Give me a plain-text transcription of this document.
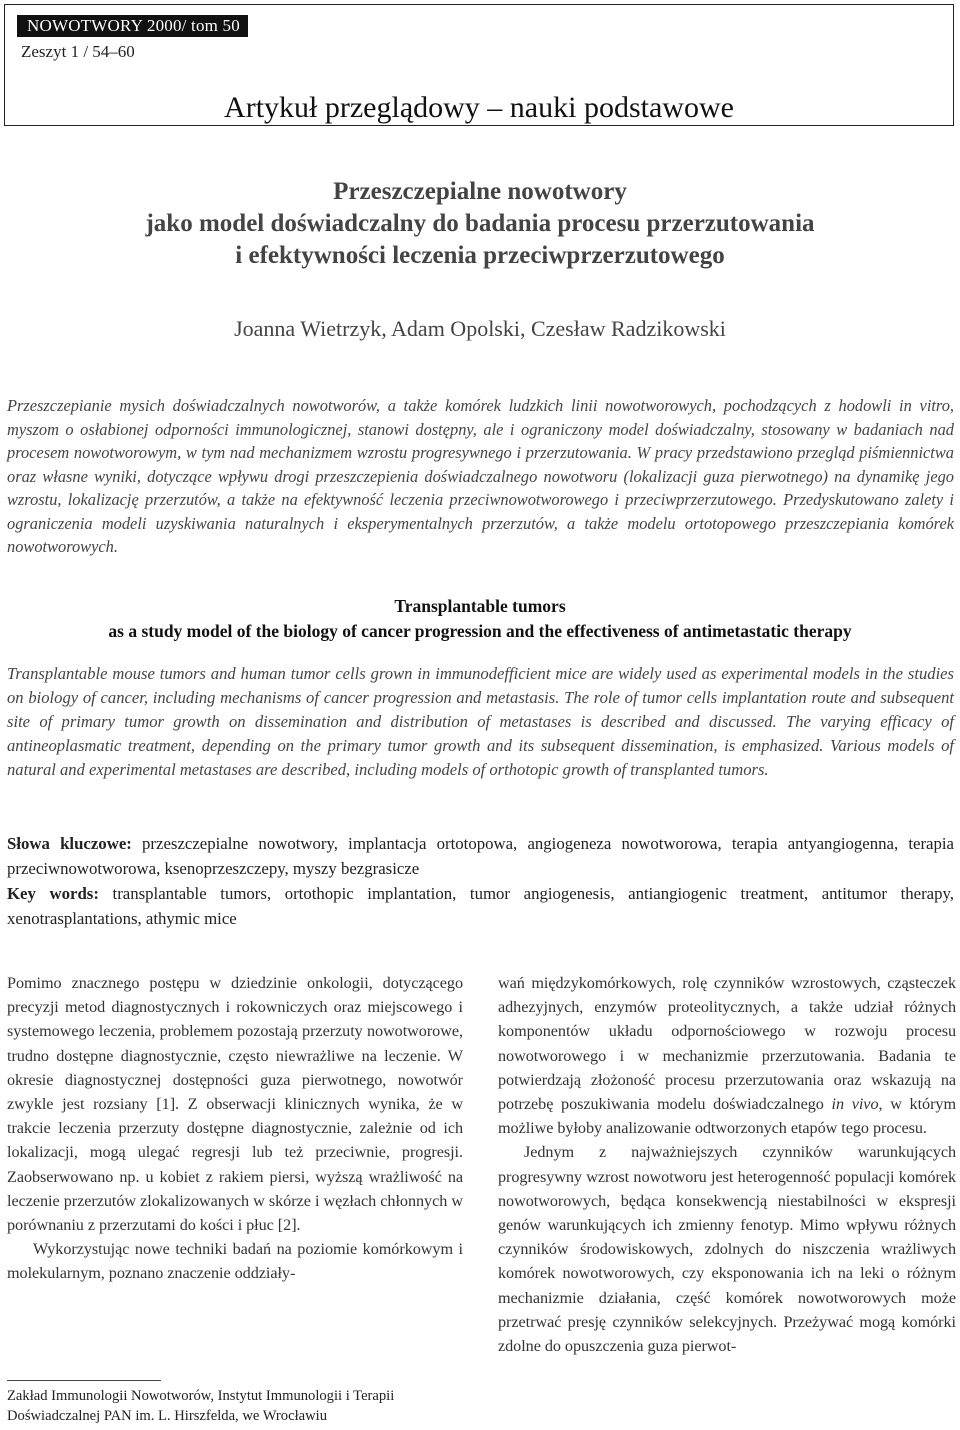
NOWOTWORY 2000/ tom 50
Zeszyt 1 / 54–60
Artykuł przeglądowy – nauki podstawowe
Przeszczepialne nowotwory
jako model doświadczalny do badania procesu przerzutowania
i efektywności leczenia przeciwprzerzutowego
Joanna Wietrzyk, Adam Opolski, Czesław Radzikowski

Przeszczepianie mysich doświadczalnych nowotworów, a także komórek ludzkich linii nowotworowych, pochodzących z hodowli in vitro, myszom o osłabionej odporności immunologicznej, stanowi dostępny, ale i ograniczony model doświadczalny, stosowany w badaniach nad procesem nowotworowym, w tym nad mechanizmem wzrostu progresywnego i przerzutowania. W pracy przedstawiono przegląd piśmiennictwa oraz własne wyniki, dotyczące wpływu drogi przeszczepienia doświadczalnego nowotworu (lokalizacji guza pierwotnego) na dynamikę jego wzrostu, lokalizację przerzutów, a także na efektywność leczenia przeciwnowotworowego i przeciwprzerzutowego. Przedyskutowano zalety i ograniczenia modeli uzyskiwania naturalnych i eksperymentalnych przerzutów, a także modelu ortotopowego przeszczepiania komórek nowotworowych.

Transplantable tumors
as a study model of the biology of cancer progression and the effectiveness of antimetastatic therapy

Transplantable mouse tumors and human tumor cells grown in immunodefficient mice are widely used as experimental models in the studies on biology of cancer, including mechanisms of cancer progression and metastasis. The role of tumor cells implantation route and subsequent site of primary tumor growth on dissemination and distribution of metastases is described and discussed. The varying efficacy of antineoplasmatic treatment, depending on the primary tumor growth and its subsequent dissemination, is emphasized. Various models of natural and experimental metastases are described, including models of orthotopic growth of transplanted tumors.

Słowa kluczowe: przeszczepialne nowotwory, implantacja ortotopowa, angiogeneza nowotworowa, terapia antyangiogenna, terapia przeciwnowotworowa, ksenoprzeszczepy, myszy bezgrasicze

Key words: transplantable tumors, ortothopic implantation, tumor angiogenesis, antiangiogenic treatment, antitumor therapy, xenotrasplantations, athymic mice

Pomimo znacznego postępu w dziedzinie onkologii, dotyczącego precyzji metod diagnostycznych i rokowniczych oraz miejscowego i systemowego leczenia, problemem pozostają przerzuty nowotworowe, trudno dostępne diagnostycznie, często niewrażliwe na leczenie. W okresie diagnostycznej dostępności guza pierwotnego, nowotwór zwykle jest rozsiany [1]. Z obserwacji klinicznych wynika, że w trakcie leczenia przerzuty dostępne diagnostycznie, zależnie od ich lokalizacji, mogą ulegać regresji lub też przeciwnie, progresji. Zaobserwowano np. u kobiet z rakiem piersi, wyższą wrażliwość na leczenie przerzutów zlokalizowanych w skórze i węzłach chłonnych w porównaniu z przerzutami do kości i płuc [2].

Wykorzystując nowe techniki badań na poziomie komórkowym i molekularnym, poznano znaczenie oddziały-

wań międzykomórkowych, rolę czynników wzrostowych, cząsteczek adhezyjnych, enzymów proteolitycznych, a także udział różnych komponentów układu odpornościowego w rozwoju procesu nowotworowego i w mechanizmie przerzutowania. Badania te potwierdzają złożoność procesu przerzutowania oraz wskazują na potrzebę poszukiwania modelu doświadczalnego in vivo, w którym możliwe byłoby analizowanie odtworzonych etapów tego procesu.

Jednym z najważniejszych czynników warunkujących progresywny wzrost nowotworu jest heterogenność populacji komórek nowotworowych, będąca konsekwencją niestabilności w ekspresji genów warunkujących ich zmienny fenotyp. Mimo wpływu różnych czynników środowiskowych, zdolnych do niszczenia wrażliwych komórek nowotworowych, czy eksponowania ich na leki o różnym mechanizmie działania, część komórek nowotworowych może przetrwać presję czynników selekcyjnych. Przeżywać mogą komórki zdolne do opuszczenia guza pierwot-

Zakład Immunologii Nowotworów, Instytut Immunologii i Terapii Doświadczalnej PAN im. L. Hirszfelda, we Wrocławiu
